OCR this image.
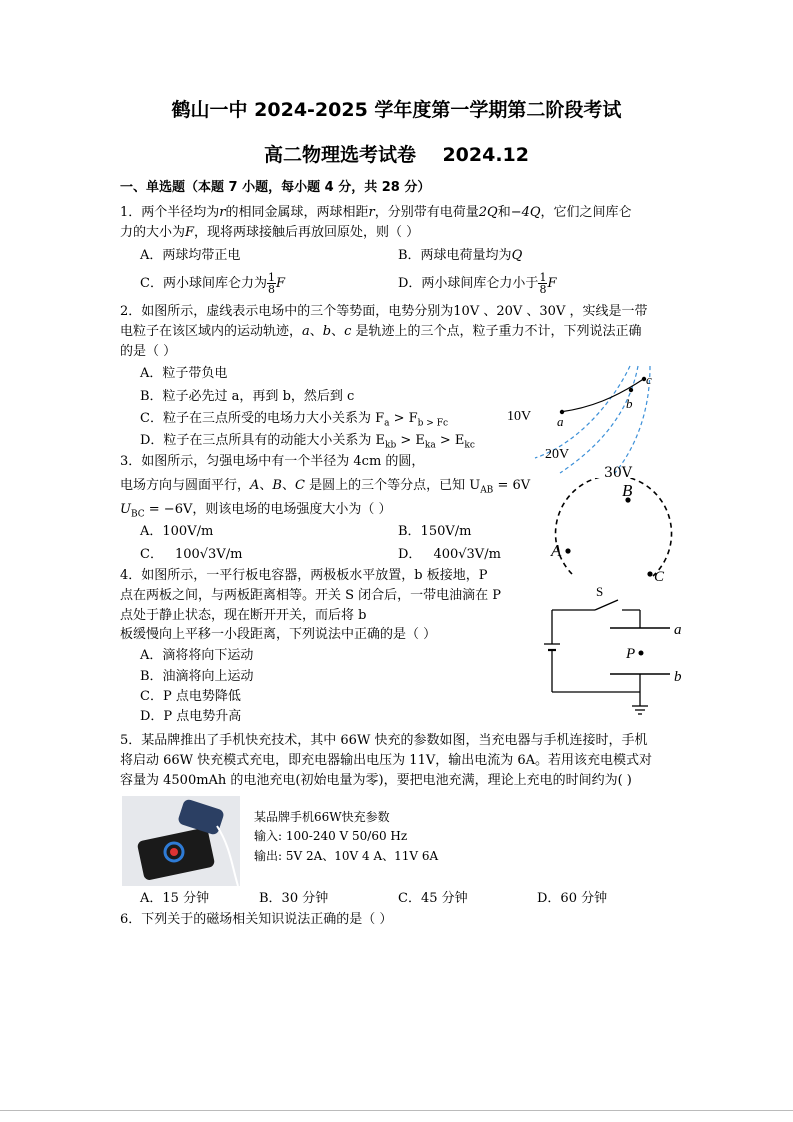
鹤山一中 2024-2025 学年度第一学期第二阶段考试
高二物理选考试卷    2024.12
一、单选题（本题 7 小题，每小题 4 分，共 28 分）
1．两个半径均为r的相同金属球，两球相距r，分别带有电荷量2Q和−4Q，它们之间库仑
力的大小为F，现将两球接触后再放回原处，则（ ）
A．两球均带正电	B．两球电荷量均为Q
C．两小球间库仑力为 $\frac{1}{8}$ F	D．两小球间库仑力小于 $\frac{1}{8}$ F
2．如图所示，虚线表示电场中的三个等势面，电势分别为10V 、20V 、30V ，实线是一带
电粒子在该区域内的运动轨迹，a、b、c 是轨迹上的三个点，粒子重力不计，下列说法正确
的是（ ）
A．粒子带负电
B．粒子必先过 a，再到 b，然后到 c
C．粒子在三点所受的电场力大小关系为 $F_a > F_{b > Fc}$
D．粒子在三点所具有的动能大小关系为 $E_{kb} > E_{ka} > E_{kc}$
10V a
b
c
20V
30V
3．如图所示，匀强电场中有一个半径为 4cm 的圆，
电场方向与圆面平行，A、B、C 是圆上的三个等分点，已知 $U_{AB} = 6V$
$U_{BC} = -6V$，则该电场的电场强度大小为（ ）
A．100V/m	B．150V/m
C． 100√3V/m	D． 400√3V/m
B
A
C
4．如图所示，一平行板电容器，两极板水平放置，b 板接地，P
点在两板之间，与两板距离相等。开关 S 闭合后，一带电油滴在 P
点处于静止状态，现在断开开关，而后将 b
板缓慢向上平移一小段距离，下列说法中正确的是（ ）
A．滴将将向下运动
B．油滴将向上运动
C．P 点电势降低
D．P 点电势升高
S
a
b
P
5．某品牌推出了手机快充技术，其中 66W 快充的参数如图，当充电器与手机连接时，手机
将启动 66W 快充模式充电，即充电器输出电压为 11V，输出电流为 6A。若用该充电模式对
容量为 4500mAh 的电池充电(初始电量为零)，要把电池充满，理论上充电的时间约为( )
某品牌手机66W快充参数
输入: 100-240 V 50/60 Hz
输出: 5V 2A、10V 4 A、11V 6A
A．15 分钟	B．30 分钟	C．45 分钟	D．60 分钟
6．下列关于的磁场相关知识说法正确的是（ ）
